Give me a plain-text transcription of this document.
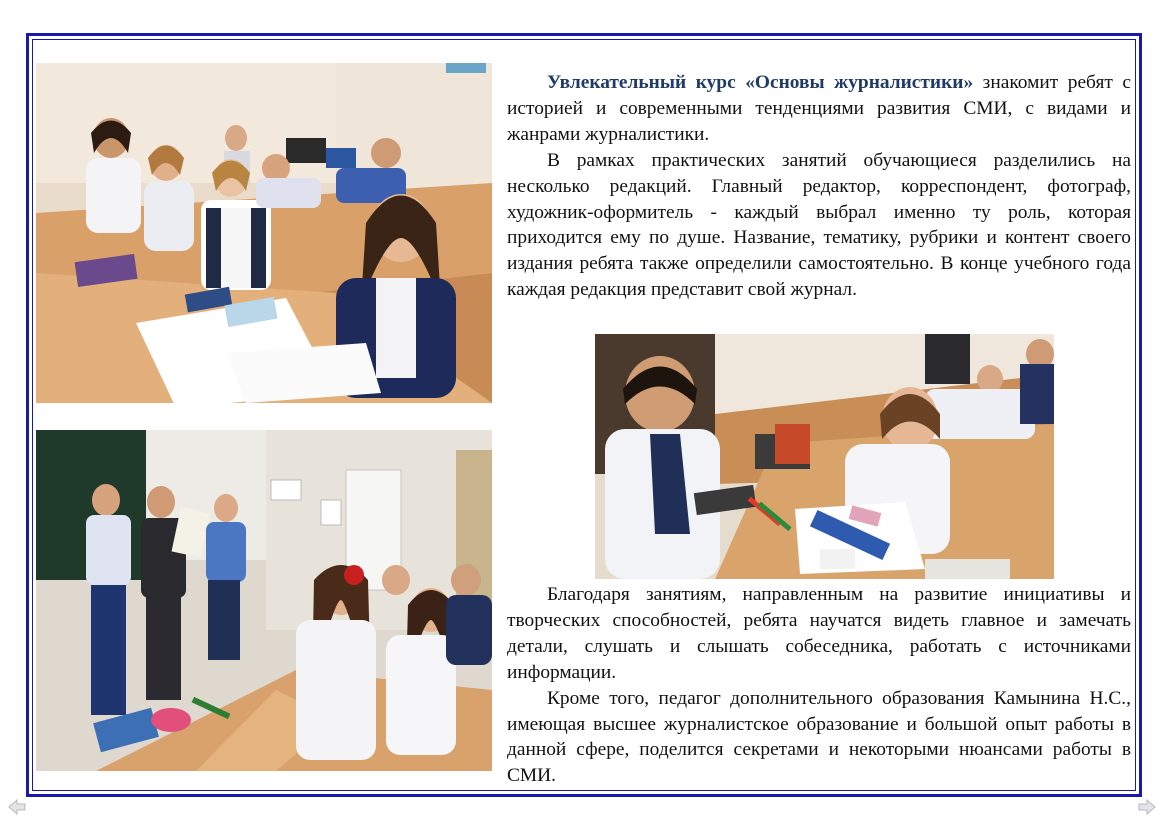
Увлекательный курс «Основы журналистики» знакомит ребят с историей и современными тенденциями развития СМИ, с видами и жанрами журналистики.

В рамках практических занятий обучающиеся разделились на несколько редакций. Главный редактор, корреспондент, фотограф, художник-оформитель - каждый выбрал именно ту роль, которая приходится ему по душе. Название, тематику, рубрики и контент своего издания ребята также определили самостоятельно. В конце учебного года каждая редакция представит свой журнал.

Благодаря занятиям, направленным на развитие инициативы и творческих способностей, ребята научатся видеть главное и замечать детали, слушать и слышать собеседника, работать с источниками информации.

Кроме того, педагог дополнительного образования Камынина Н.С., имеющая высшее журналистское образование и большой опыт работы в данной сфере, поделится секретами и некоторыми нюансами работы в СМИ.
